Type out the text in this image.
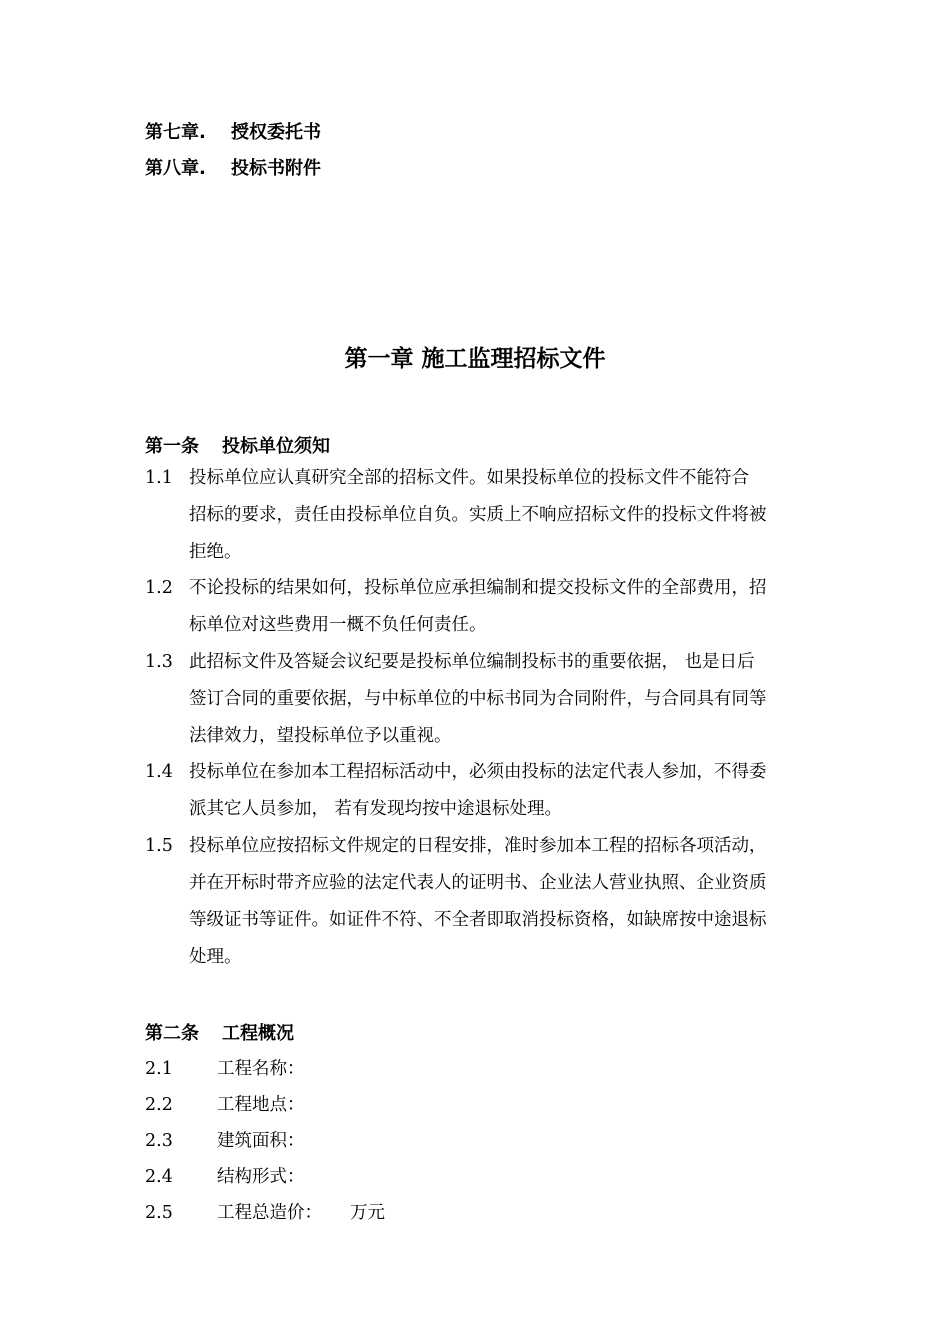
第七章. 授权委托书
第八章. 投标书附件
第一章 施工监理招标文件
第一条 投标单位须知
1.1 投标单位应认真研究全部的招标文件。如果投标单位的投标文件不能符合
招标的要求，责任由投标单位自负。实质上不响应招标文件的投标文件将被
拒绝。
1.2 不论投标的结果如何，投标单位应承担编制和提交投标文件的全部费用，招
标单位对这些费用一概不负任何责任。
1.3 此招标文件及答疑会议纪要是投标单位编制投标书的重要依据， 也是日后
签订合同的重要依据，与中标单位的中标书同为合同附件，与合同具有同等
法律效力，望投标单位予以重视。
1.4 投标单位在参加本工程招标活动中，必须由投标的法定代表人参加，不得委
派其它人员参加， 若有发现均按中途退标处理。
1.5 投标单位应按招标文件规定的日程安排，准时参加本工程的招标各项活动，
并在开标时带齐应验的法定代表人的证明书、企业法人营业执照、企业资质
等级证书等证件。如证件不符、不全者即取消投标资格，如缺席按中途退标
处理。
第二条 工程概况
2.1	工程名称：
2.2	工程地点：
2.3	建筑面积：
2.4	结构形式：
2.5	工程总造价： 万元
